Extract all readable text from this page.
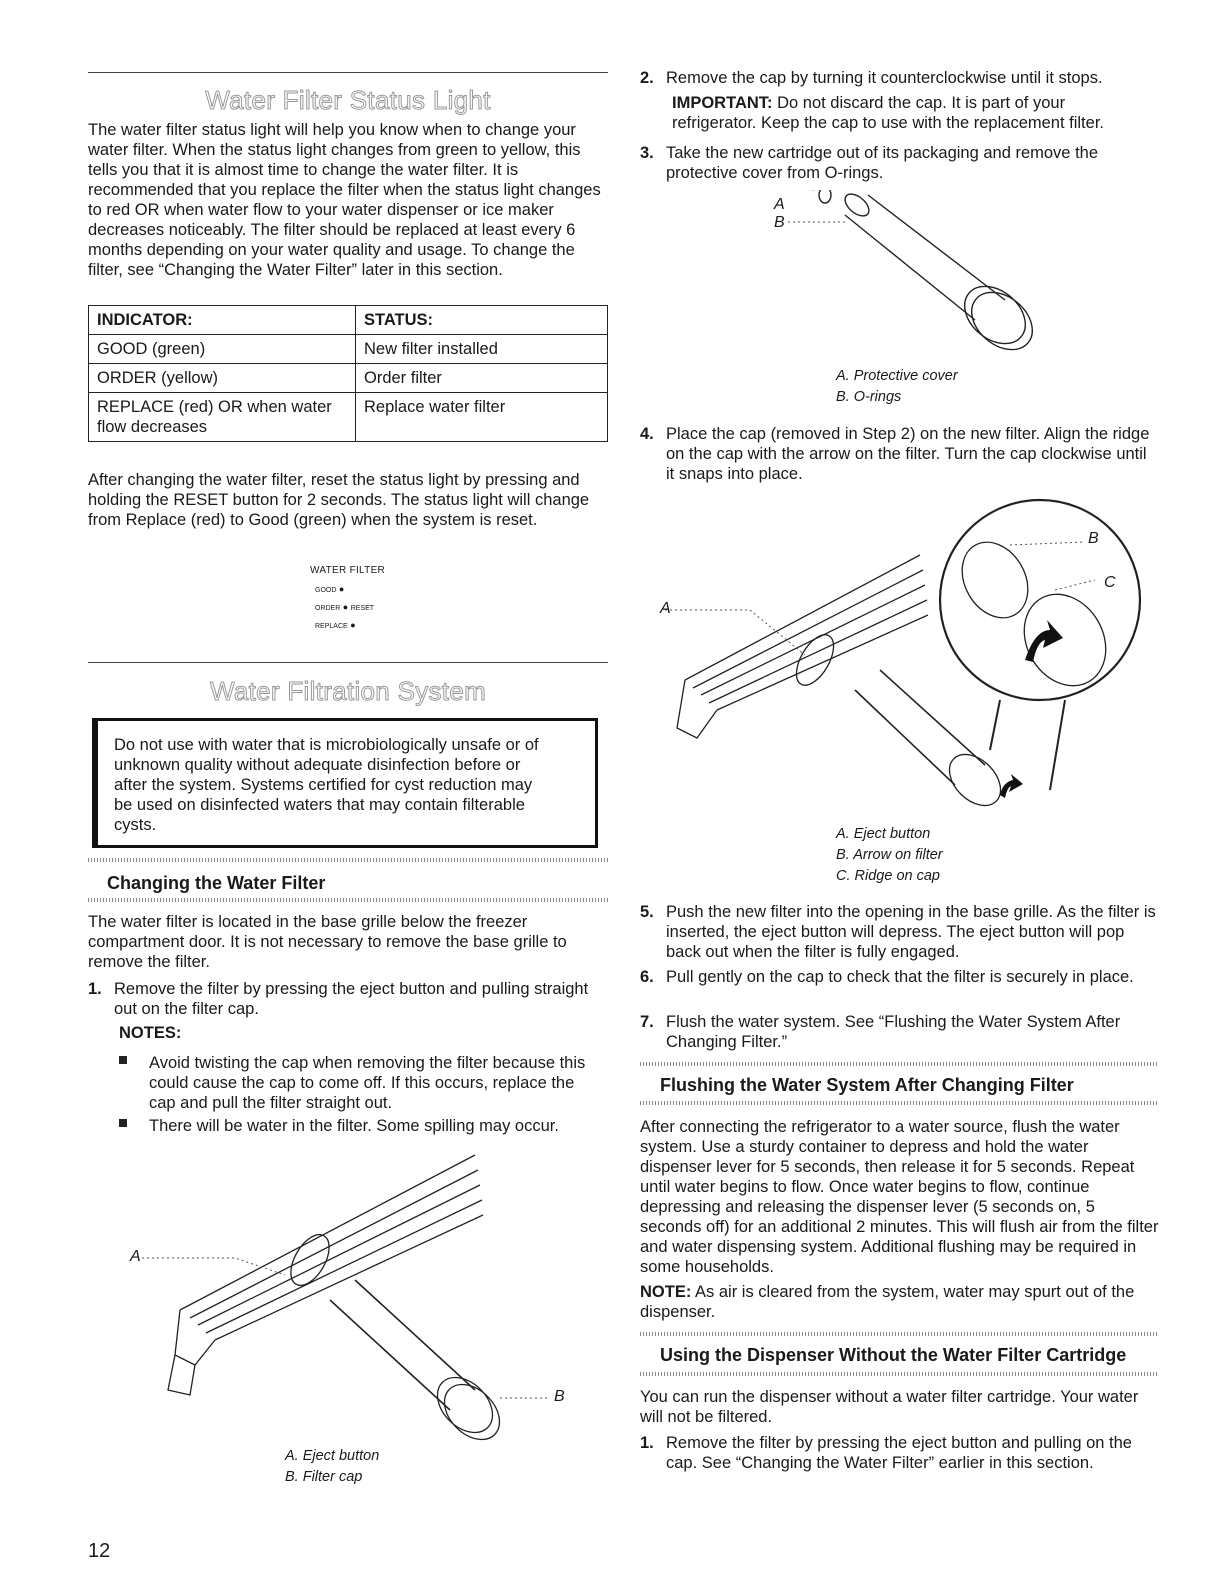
Water Filter Status Light
The water filter status light will help you know when to change your water filter. When the status light changes from green to yellow, this tells you that it is almost time to change the water filter. It is recommended that you replace the filter when the status light changes to red OR when water flow to your water dispenser or ice maker decreases noticeably. The filter should be replaced at least every 6 months depending on your water quality and usage. To change the filter, see “Changing the Water Filter” later in this section.
INDICATOR:	STATUS:
GOOD (green)	New filter installed
ORDER (yellow)	Order filter
REPLACE (red) OR when water flow decreases	Replace water filter
After changing the water filter, reset the status light by pressing and holding the RESET button for 2 seconds. The status light will change from Replace (red) to Good (green) when the system is reset.
WATER FILTER
GOOD ●
ORDER ● RESET
REPLACE ●
Water Filtration System
Do not use with water that is microbiologically unsafe or of unknown quality without adequate disinfection before or after the system. Systems certified for cyst reduction may be used on disinfected waters that may contain filterable cysts.
Changing the Water Filter
The water filter is located in the base grille below the freezer compartment door. It is not necessary to remove the base grille to remove the filter.
1. Remove the filter by pressing the eject button and pulling straight out on the filter cap.
NOTES:
Avoid twisting the cap when removing the filter because this could cause the cap to come off. If this occurs, replace the cap and pull the filter straight out.
There will be water in the filter. Some spilling may occur.
A
B
A. Eject button
B. Filter cap
12
2. Remove the cap by turning it counterclockwise until it stops.
IMPORTANT: Do not discard the cap. It is part of your refrigerator. Keep the cap to use with the replacement filter.
3. Take the new cartridge out of its packaging and remove the protective cover from O-rings.
A
B
A. Protective cover
B. O-rings
4. Place the cap (removed in Step 2) on the new filter. Align the ridge on the cap with the arrow on the filter. Turn the cap clockwise until it snaps into place.
A
B
C
A. Eject button
B. Arrow on filter
C. Ridge on cap
5. Push the new filter into the opening in the base grille. As the filter is inserted, the eject button will depress. The eject button will pop back out when the filter is fully engaged.
6. Pull gently on the cap to check that the filter is securely in place.
7. Flush the water system. See “Flushing the Water System After Changing Filter.”
Flushing the Water System After Changing Filter
After connecting the refrigerator to a water source, flush the water system. Use a sturdy container to depress and hold the water dispenser lever for 5 seconds, then release it for 5 seconds. Repeat until water begins to flow. Once water begins to flow, continue depressing and releasing the dispenser lever (5 seconds on, 5 seconds off) for an additional 2 minutes. This will flush air from the filter and water dispensing system. Additional flushing may be required in some households.
NOTE: As air is cleared from the system, water may spurt out of the dispenser.
Using the Dispenser Without the Water Filter Cartridge
You can run the dispenser without a water filter cartridge. Your water will not be filtered.
1. Remove the filter by pressing the eject button and pulling on the cap. See “Changing the Water Filter” earlier in this section.
